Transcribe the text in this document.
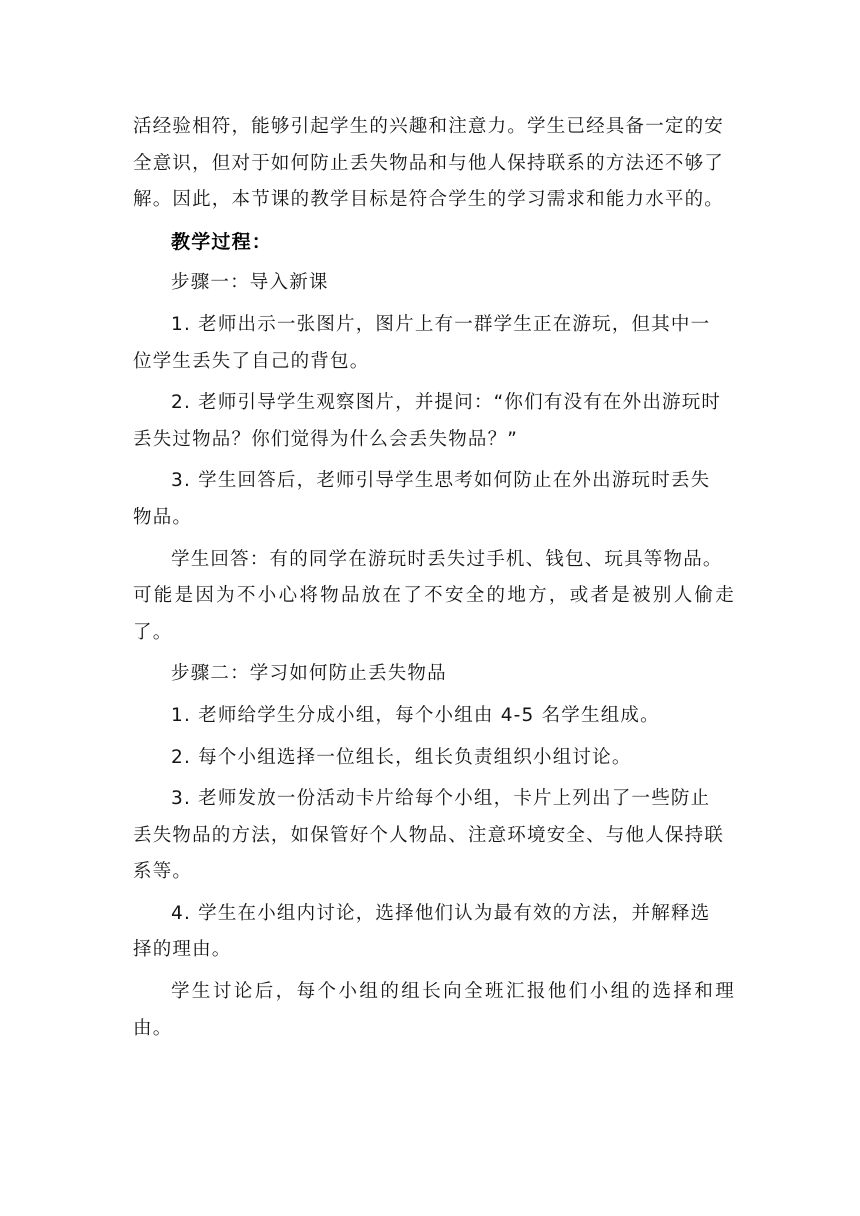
活经验相符，能够引起学生的兴趣和注意力。学生已经具备一定的安
全意识，但对于如何防止丢失物品和与他人保持联系的方法还不够了
解。因此，本节课的教学目标是符合学生的学习需求和能力水平的。

教学过程：

步骤一：导入新课

1. 老师出示一张图片，图片上有一群学生正在游玩，但其中一
位学生丢失了自己的背包。

2. 老师引导学生观察图片，并提问：“你们有没有在外出游玩时
丢失过物品？你们觉得为什么会丢失物品？”

3. 学生回答后，老师引导学生思考如何防止在外出游玩时丢失
物品。

学生回答：有的同学在游玩时丢失过手机、钱包、玩具等物品。
可能是因为不小心将物品放在了不安全的地方，或者是被别人偷走了。

步骤二：学习如何防止丢失物品

1. 老师给学生分成小组，每个小组由 4-5 名学生组成。

2. 每个小组选择一位组长，组长负责组织小组讨论。

3. 老师发放一份活动卡片给每个小组，卡片上列出了一些防止
丢失物品的方法，如保管好个人物品、注意环境安全、与他人保持联
系等。

4. 学生在小组内讨论，选择他们认为最有效的方法，并解释选
择的理由。

学生讨论后，每个小组的组长向全班汇报他们小组的选择和理由。
